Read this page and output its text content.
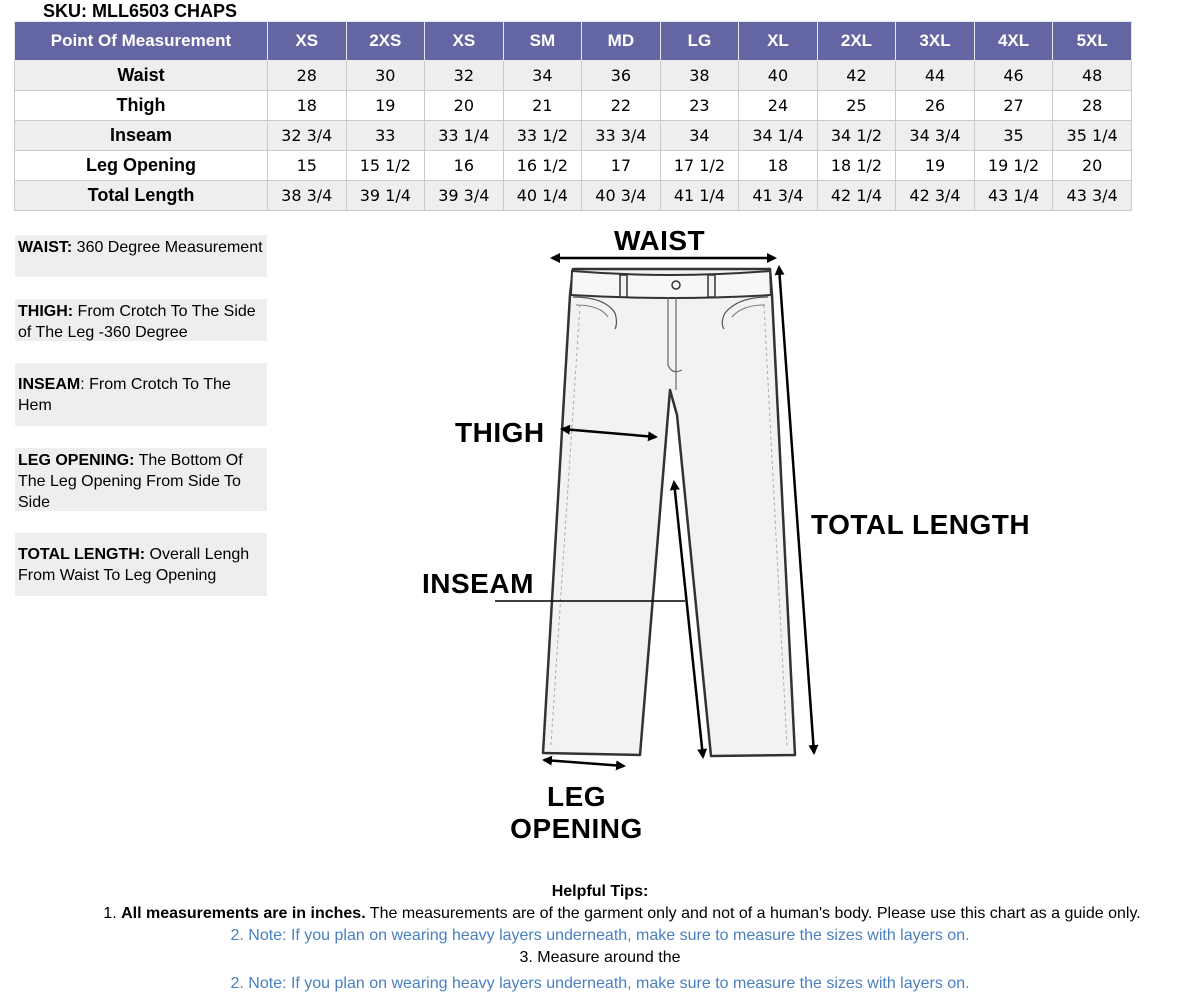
SKU: MLL6503 CHAPS
Point Of Measurement	XS	2XS	XS	SM	MD	LG	XL	2XL	3XL	4XL	5XL
Waist	28	30	32	34	36	38	40	42	44	46	48
Thigh	18	19	20	21	22	23	24	25	26	27	28
Inseam	32 3/4	33	33 1/4	33 1/2	33 3/4	34	34 1/4	34 1/2	34 3/4	35	35 1/4
Leg Opening	15	15 1/2	16	16 1/2	17	17 1/2	18	18 1/2	19	19 1/2	20
Total Length	38 3/4	39 1/4	39 3/4	40 1/4	40 3/4	41 1/4	41 3/4	42 1/4	42 3/4	43 1/4	43 3/4
WAIST: 360 Degree Measurement
THIGH: From Crotch To The Side of The Leg -360 Degree
INSEAM: From Crotch To The Hem
LEG OPENING: The Bottom Of The Leg Opening From Side To Side
TOTAL LENGTH: Overall Lengh From Waist To Leg Opening
WAIST
THIGH
INSEAM
TOTAL LENGTH
LEG
OPENING
Helpful Tips:
1. All measurements are in inches. The measurements are of the garment only and not of a human's body. Please use this chart as a guide only.
2. Note: If you plan on wearing heavy layers underneath, make sure to measure the sizes with layers on.
3. Measure around the
2. Note: If you plan on wearing heavy layers underneath, make sure to measure the sizes with layers on.
